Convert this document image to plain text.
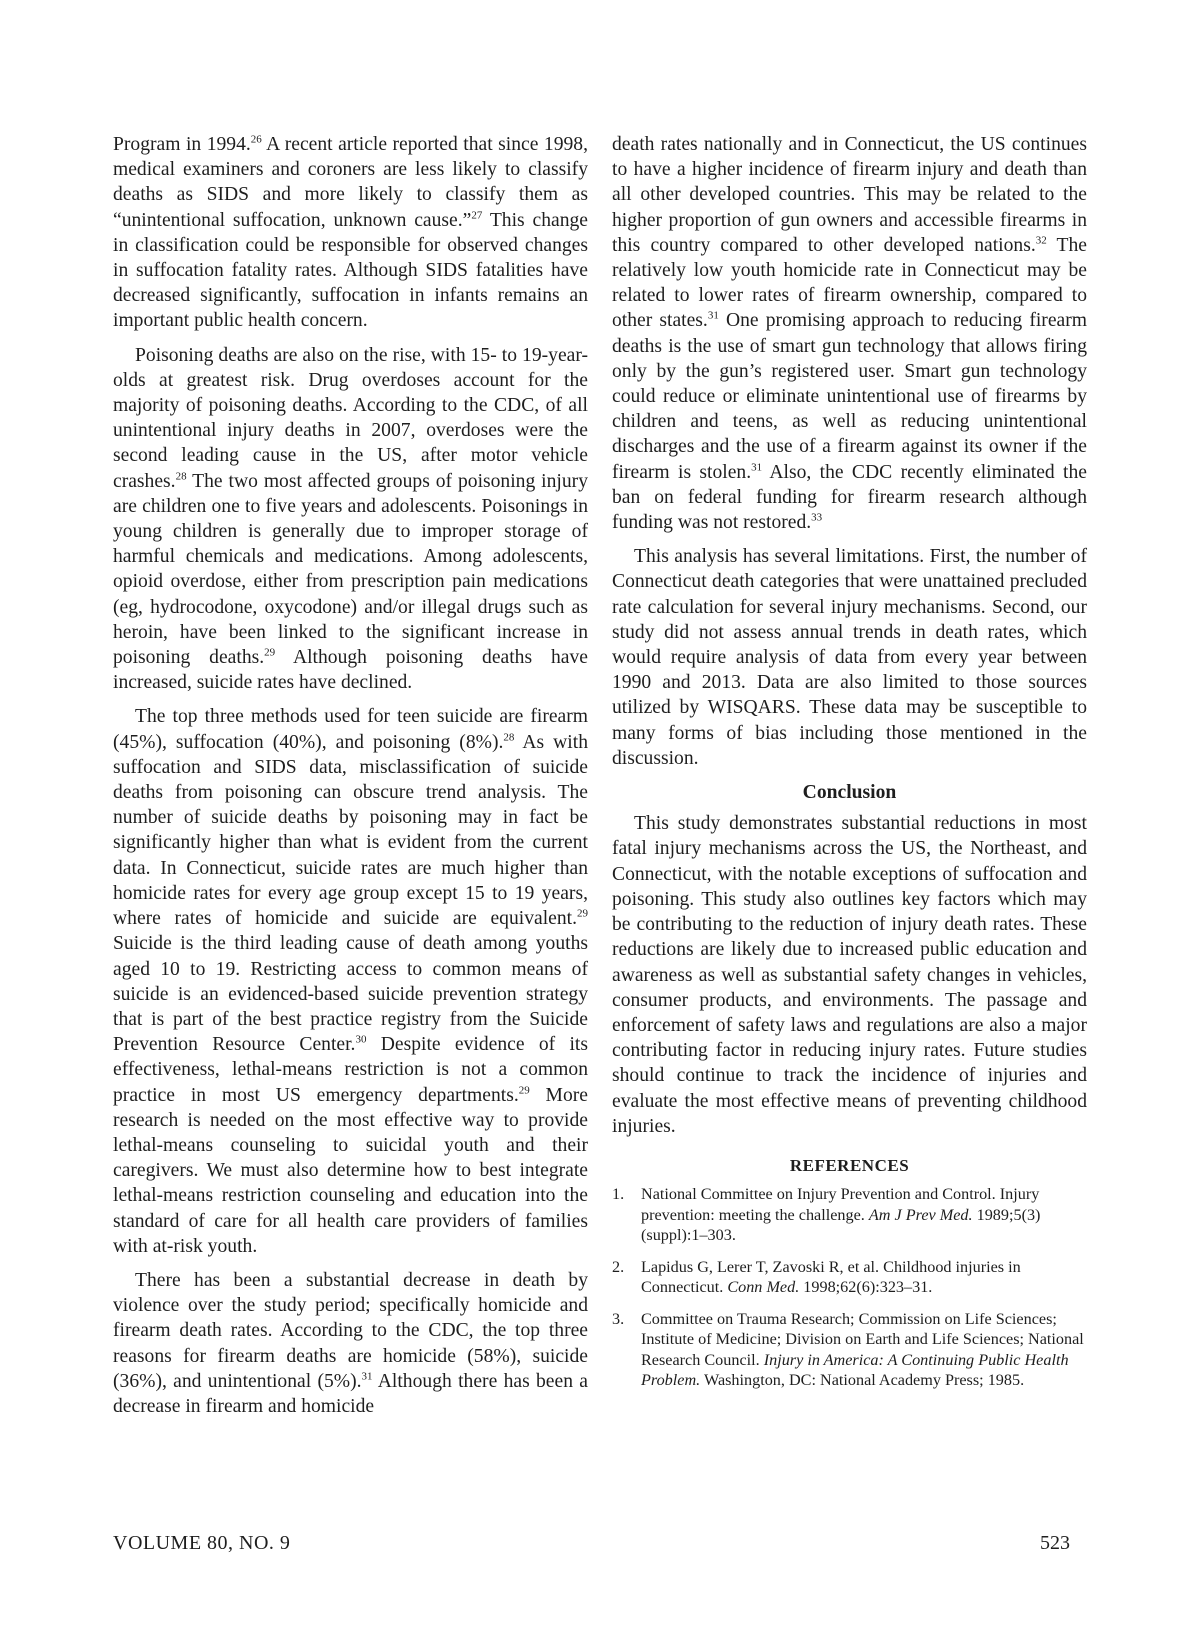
Program in 1994.26 A recent article reported that since 1998, medical examiners and coroners are less likely to classify deaths as SIDS and more likely to classify them as “unintentional suffocation, unknown cause.”$^{27}$ This change in classification could be responsible for observed changes in suffocation fatality rates. Although SIDS fatalities have decreased significantly, suffocation in infants remains an important public health concern.

Poisoning deaths are also on the rise, with 15- to 19-year-olds at greatest risk. Drug overdoses account for the majority of poisoning deaths. According to the CDC, of all unintentional injury deaths in 2007, overdoses were the second leading cause in the US, after motor vehicle crashes.$^{28}$ The two most affected groups of poisoning injury are children one to five years and adolescents. Poisonings in young children is generally due to improper storage of harmful chemicals and medications. Among adolescents, opioid overdose, either from prescription pain medications (eg, hydrocodone, oxycodone) and/or illegal drugs such as heroin, have been linked to the significant increase in poisoning deaths.$^{29}$ Although poisoning deaths have increased, suicide rates have declined.

The top three methods used for teen suicide are firearm (45%), suffocation (40%), and poisoning (8%).$^{28}$ As with suffocation and SIDS data, misclassification of suicide deaths from poisoning can obscure trend analysis. The number of suicide deaths by poisoning may in fact be significantly higher than what is evident from the current data. In Connecticut, suicide rates are much higher than homicide rates for every age group except 15 to 19 years, where rates of homicide and suicide are equivalent.$^{29}$ Suicide is the third leading cause of death among youths aged 10 to 19. Restricting access to common means of suicide is an evidenced-based suicide prevention strategy that is part of the best practice registry from the Suicide Prevention Resource Center.$^{30}$ Despite evidence of its effectiveness, lethal-means restriction is not a common practice in most US emergency departments.$^{29}$ More research is needed on the most effective way to provide lethal-means counseling to suicidal youth and their caregivers. We must also determine how to best integrate lethal-means restriction counseling and education into the standard of care for all health care providers of families with at-risk youth.

There has been a substantial decrease in death by violence over the study period; specifically homicide and firearm death rates. According to the CDC, the top three reasons for firearm deaths are homicide (58%), suicide (36%), and unintentional (5%).$^{31}$ Although there has been a decrease in firearm and homicide

death rates nationally and in Connecticut, the US continues to have a higher incidence of firearm injury and death than all other developed countries. This may be related to the higher proportion of gun owners and accessible firearms in this country compared to other developed nations.$^{32}$ The relatively low youth homicide rate in Connecticut may be related to lower rates of firearm ownership, compared to other states.$^{31}$ One promising approach to reducing firearm deaths is the use of smart gun technology that allows firing only by the gun’s registered user. Smart gun technology could reduce or eliminate unintentional use of firearms by children and teens, as well as reducing unintentional discharges and the use of a firearm against its owner if the firearm is stolen.$^{31}$ Also, the CDC recently eliminated the ban on federal funding for firearm research although funding was not restored.$^{33}$

This analysis has several limitations. First, the number of Connecticut death categories that were unattained precluded rate calculation for several injury mechanisms. Second, our study did not assess annual trends in death rates, which would require analysis of data from every year between 1990 and 2013. Data are also limited to those sources utilized by WISQARS. These data may be susceptible to many forms of bias including those mentioned in the discussion.

Conclusion

This study demonstrates substantial reductions in most fatal injury mechanisms across the US, the Northeast, and Connecticut, with the notable exceptions of suffocation and poisoning. This study also outlines key factors which may be contributing to the reduction of injury death rates. These reductions are likely due to increased public education and awareness as well as substantial safety changes in vehicles, consumer products, and environments. The passage and enforcement of safety laws and regulations are also a major contributing factor in reducing injury rates. Future studies should continue to track the incidence of injuries and evaluate the most effective means of preventing childhood injuries.

REFERENCES
1.	National Committee on Injury Prevention and Control. Injury prevention: meeting the challenge. Am J Prev Med. 1989;5(3)(suppl):1–303.
2.	Lapidus G, Lerer T, Zavoski R, et al. Childhood injuries in Connecticut. Conn Med. 1998;62(6):323–31.
3.	Committee on Trauma Research; Commission on Life Sciences; Institute of Medicine; Division on Earth and Life Sciences; National Research Council. Injury in America: A Continuing Public Health Problem. Washington, DC: National Academy Press; 1985.
VOLUME 80, NO. 9	523
